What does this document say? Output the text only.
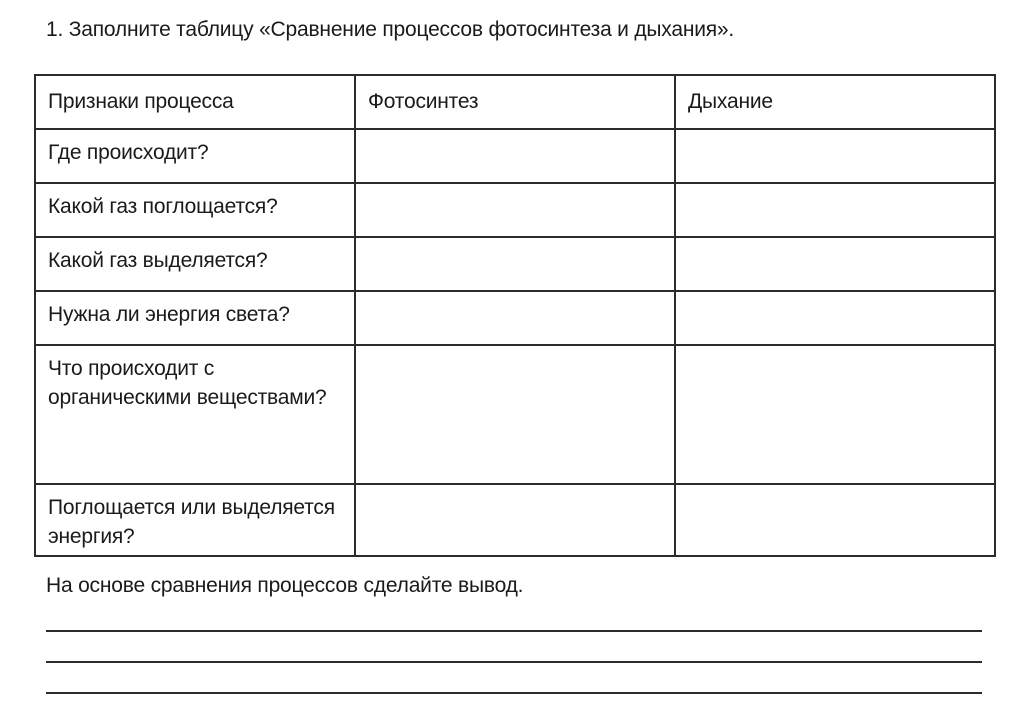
1. Заполните таблицу «Сравнение процессов фотосинтеза и дыхания».
Признаки процесса	Фотосинтез	Дыхание

Где происходит?		

Какой газ поглощается?		

Какой газ выделяется?		

Нужна ли энергия света?		

Что происходит с органическими веществами?		

Поглощается или выделяется энергия?		

На основе сравнения процессов сделайте вывод.
